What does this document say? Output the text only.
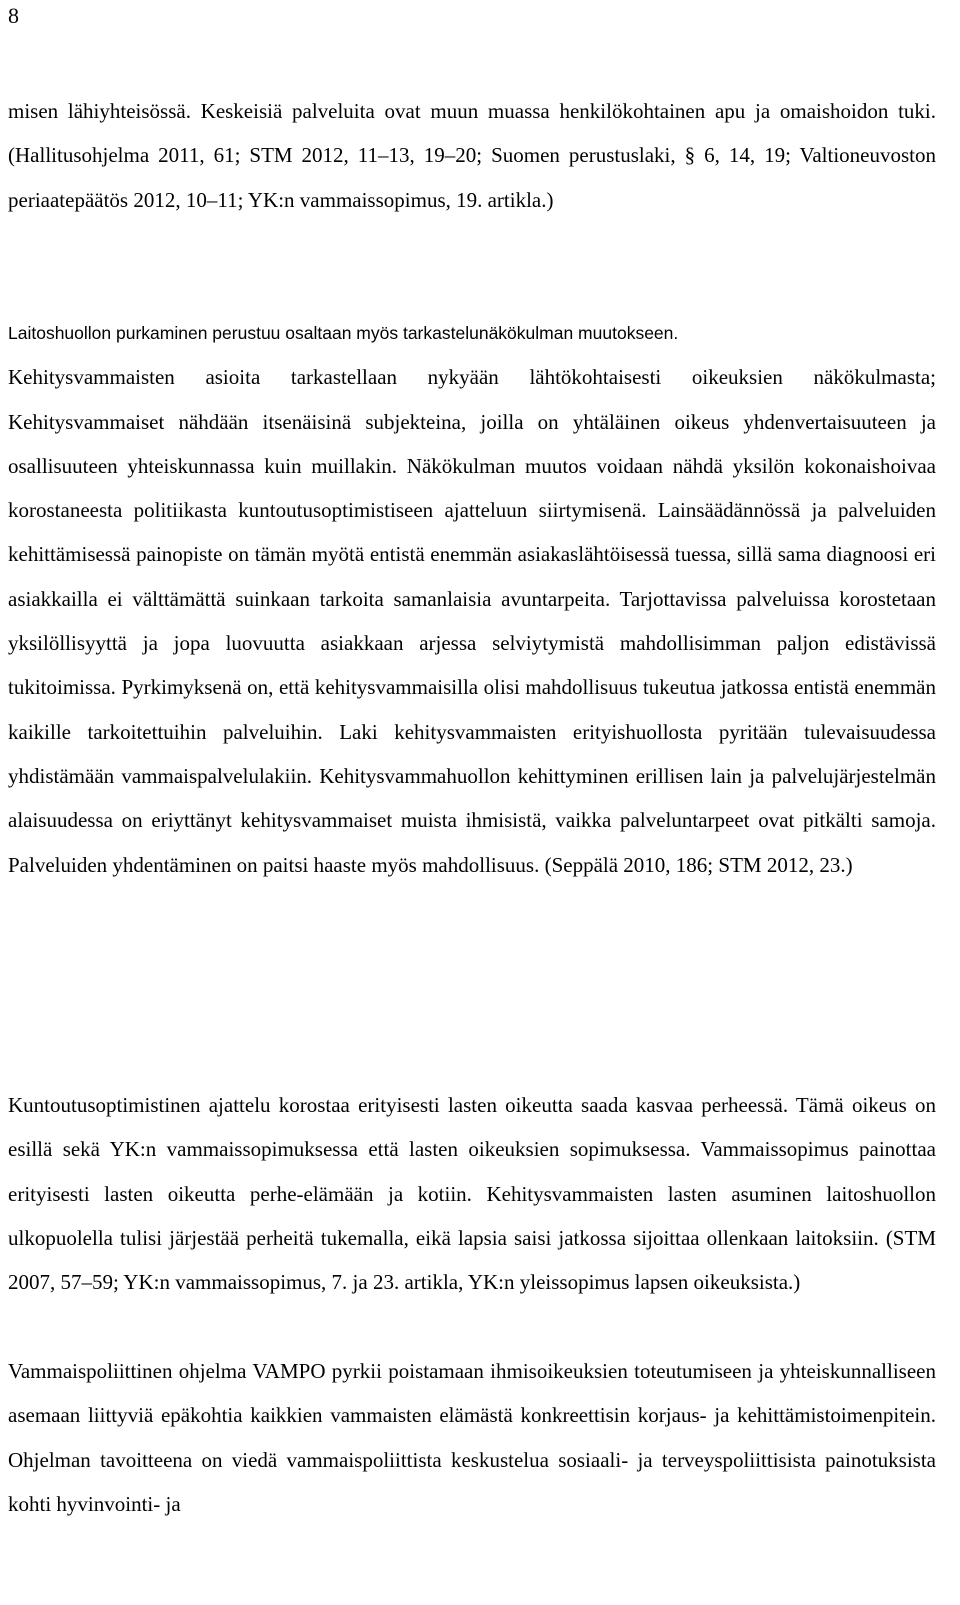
8

misen lähiyhteisössä. Keskeisiä palveluita ovat muun muassa henkilökohtainen apu ja omaishoidon tuki. (Hallitusohjelma 2011, 61; STM 2012, 11–13, 19–20; Suomen perustuslaki, § 6, 14, 19; Valtioneuvoston periaatepäätös 2012, 10–11; YK:n vammaissopimus, 19. artikla.)

Laitoshuollon purkaminen perustuu osaltaan myös tarkastelunäkökulman muutokseen.
Kehitysvammaisten asioita tarkastellaan nykyään lähtökohtaisesti oikeuksien näkökulmasta; Kehitysvammaiset nähdään itsenäisinä subjekteina, joilla on yhtäläinen oikeus yhdenvertaisuuteen ja osallisuuteen yhteiskunnassa kuin muillakin. Näkökulman muutos voidaan nähdä yksilön kokonaishoivaa korostaneesta politiikasta kuntoutusoptimistiseen ajatteluun siirtymisenä. Lainsäädännössä ja palveluiden kehittämisessä painopiste on tämän myötä entistä enemmän asiakaslähtöisessä tuessa, sillä sama diagnoosi eri asiakkailla ei välttämättä suinkaan tarkoita samanlaisia avuntarpeita. Tarjottavissa palveluissa korostetaan yksilöllisyyttä ja jopa luovuutta asiakkaan arjessa selviytymistä mahdollisimman paljon edistävissä tukitoimissa. Pyrkimyksenä on, että kehitysvammaisilla olisi mahdollisuus tukeutua jatkossa entistä enemmän kaikille tarkoitettuihin palveluihin. Laki kehitysvammaisten erityishuollosta pyritään tulevaisuudessa yhdistämään vammaispalvelulakiin. Kehitysvammahuollon kehittyminen erillisen lain ja palvelujärjestelmän alaisuudessa on eriyttänyt kehitysvammaiset muista ihmisistä, vaikka palveluntarpeet ovat pitkälti samoja. Palveluiden yhdentäminen on paitsi haaste myös mahdollisuus. (Seppälä 2010, 186; STM 2012, 23.)

Kuntoutusoptimistinen ajattelu korostaa erityisesti lasten oikeutta saada kasvaa perheessä. Tämä oikeus on esillä sekä YK:n vammaissopimuksessa että lasten oikeuksien sopimuksessa. Vammaissopimus painottaa erityisesti lasten oikeutta perhe-elämään ja kotiin. Kehitysvammaisten lasten asuminen laitoshuollon ulkopuolella tulisi järjestää perheitä tukemalla, eikä lapsia saisi jatkossa sijoittaa ollenkaan laitoksiin. (STM 2007, 57–59; YK:n vammaissopimus, 7. ja 23. artikla, YK:n yleissopimus lapsen oikeuksista.)

Vammaispoliittinen ohjelma VAMPO pyrkii poistamaan ihmisoikeuksien toteutumiseen ja yhteiskunnalliseen asemaan liittyviä epäkohtia kaikkien vammaisten elämästä konkreettisin korjaus- ja kehittämistoimenpitein. Ohjelman tavoitteena on viedä vammaispoliittista keskustelua sosiaali- ja terveyspoliittisista painotuksista kohti hyvinvointi- ja
